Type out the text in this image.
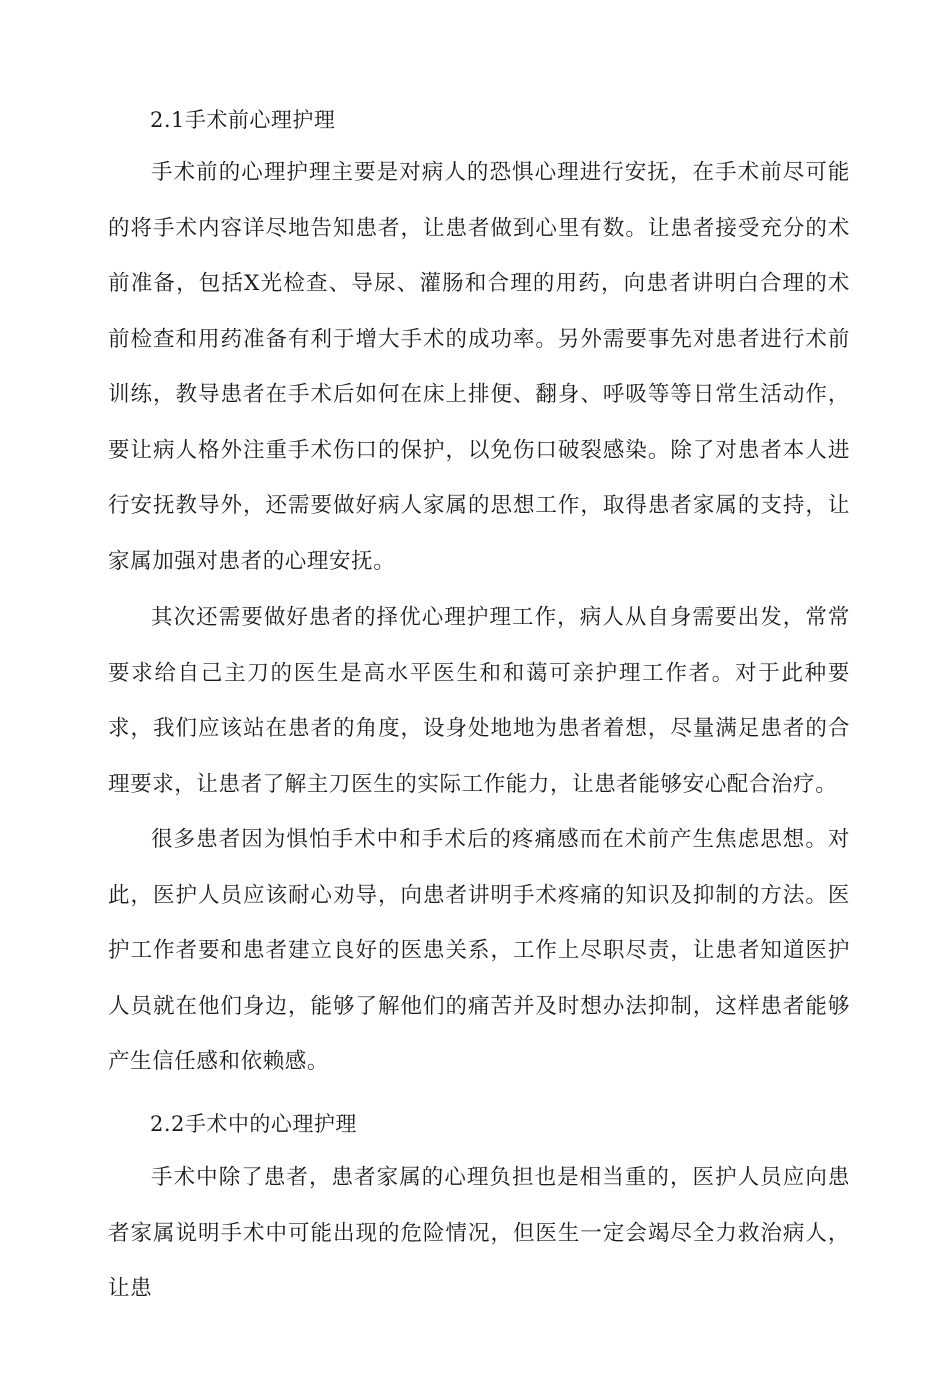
2.1手术前心理护理

手术前的心理护理主要是对病人的恐惧心理进行安抚，在手术前尽可能的将手术内容详尽地告知患者，让患者做到心里有数。让患者接受充分的术前准备，包括X光检查、导尿、灌肠和合理的用药，向患者讲明白合理的术前检查和用药准备有利于增大手术的成功率。另外需要事先对患者进行术前训练，教导患者在手术后如何在床上排便、翻身、呼吸等等日常生活动作，要让病人格外注重手术伤口的保护，以免伤口破裂感染。除了对患者本人进行安抚教导外，还需要做好病人家属的思想工作，取得患者家属的支持，让家属加强对患者的心理安抚。

其次还需要做好患者的择优心理护理工作，病人从自身需要出发，常常要求给自己主刀的医生是高水平医生和和蔼可亲护理工作者。对于此种要求，我们应该站在患者的角度，设身处地地为患者着想，尽量满足患者的合理要求，让患者了解主刀医生的实际工作能力，让患者能够安心配合治疗。

很多患者因为惧怕手术中和手术后的疼痛感而在术前产生焦虑思想。对此，医护人员应该耐心劝导，向患者讲明手术疼痛的知识及抑制的方法。医护工作者要和患者建立良好的医患关系，工作上尽职尽责，让患者知道医护人员就在他们身边，能够了解他们的痛苦并及时想办法抑制，这样患者能够产生信任感和依赖感。

2.2手术中的心理护理

手术中除了患者，患者家属的心理负担也是相当重的，医护人员应向患者家属说明手术中可能出现的危险情况，但医生一定会竭尽全力救治病人，让患
